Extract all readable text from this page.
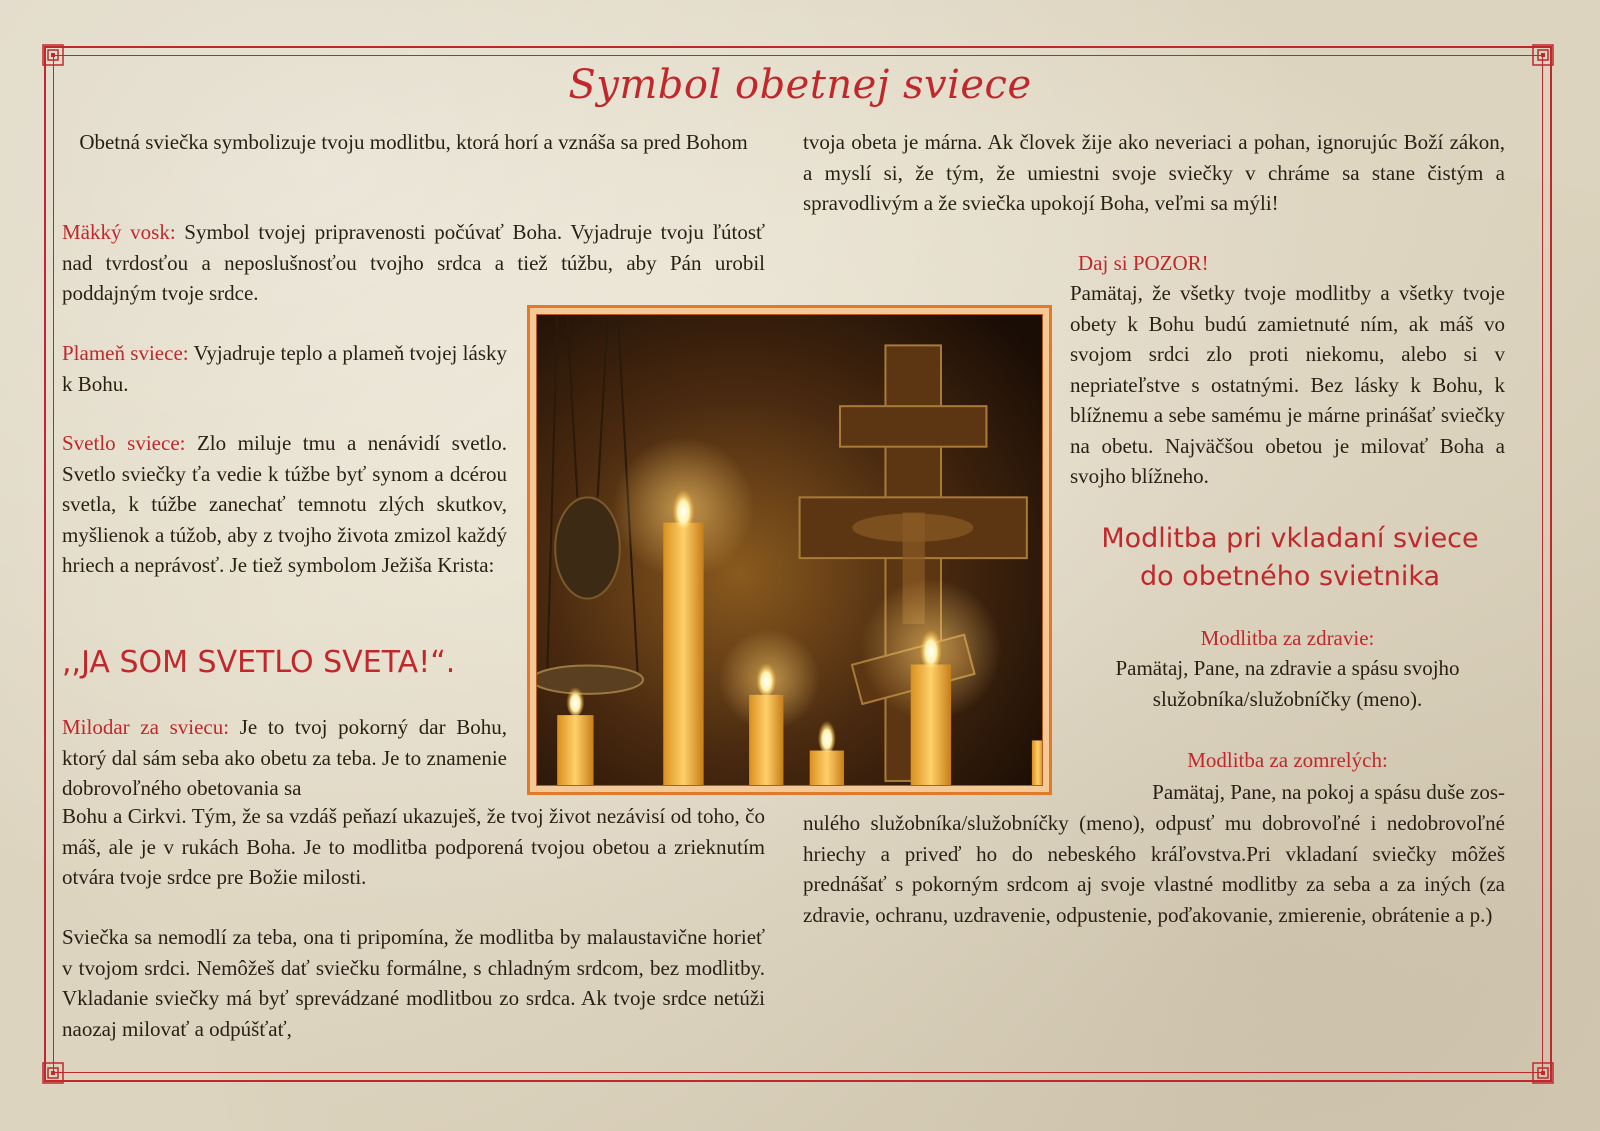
Symbol obetnej sviece

Obetná sviečka symbolizuje tvoju modlitbu, ktorá horí a vznáša sa pred Bohom

Mäkký vosk: Symbol tvojej pripravenosti počúvať Boha. Vyjadruje tvoju ľútosť nad tvrdosťou a neposlušnosťou tvojho srdca a tiež túžbu, aby Pán urobil poddajným tvoje srdce.

Plameň sviece: Vyjadruje teplo a plameň tvojej lásky k Bohu.

Svetlo sviece: Zlo miluje tmu a nenávidí svetlo. Svetlo sviečky ťa vedie k túžbe byť synom a dcérou svetla, k túžbe zanechať temnotu zlých skutkov, myšlienok a túžob, aby z tvojho života zmizol každý hriech a neprávosť. Je tiež symbolom Ježiša Krista:

,,JA SOM SVETLO SVETA!“.

Milodar za sviecu: Je to tvoj pokorný dar Bohu, ktorý dal sám seba ako obetu za teba. Je to znamenie dobrovoľného obetovania sa

Bohu a Cirkvi. Tým, že sa vzdáš peňazí ukazuješ, že tvoj život nezávisí od toho, čo máš, ale je v rukách Boha. Je to modlitba podporená tvojou obetou a zrieknutím otvára tvoje srdce pre Božie milosti.

Sviečka sa nemodlí za teba, ona ti pripomína, že modlitba by malaustavične horieť v tvojom srdci. Nemôžeš dať sviečku formálne, s chladným srdcom, bez modlitby. Vkladanie sviečky má byť sprevádzané modlitbou zo srdca. Ak tvoje srdce netúži naozaj milovať a odpúšťať,

tvoja obeta je márna. Ak človek žije ako neveriaci a pohan, ignorujúc Boží zákon, a myslí si, že tým, že umiestni svoje sviečky v chráme sa stane čistým a spravodlivým a že sviečka upokojí Boha, veľmi sa mýli!

Daj si POZOR!

Pamätaj, že všetky tvoje modlitby a všetky tvoje obety k Bohu budú zamietnuté ním, ak máš vo svojom srdci zlo proti niekomu, alebo si v nepriateľstve s ostatnými. Bez lásky k Bohu, k blížnemu a sebe samému je márne prinášať sviečky na obetu. Najväčšou obetou je milovať Boha a svojho blížneho.

Modlitba pri vkladaní sviece
do obetného svietnika
Modlitba za zdravie:

Pamätaj, Pane, na zdravie a spásu svojho služobníka/služobníčky (meno).

Modlitba za zomrelých:
Pamätaj, Pane, na pokoj a spásu duše zos-

nulého služobníka/služobníčky (meno), odpusť mu dobrovoľné i nedobrovoľné hriechy a priveď ho do nebeského kráľovstva.Pri vkladaní sviečky môžeš prednášať s pokorným srdcom aj svoje vlastné modlitby za seba a za iných (za zdravie, ochranu, uzdravenie, odpustenie, poďakovanie, zmierenie, obrátenie a p.)
